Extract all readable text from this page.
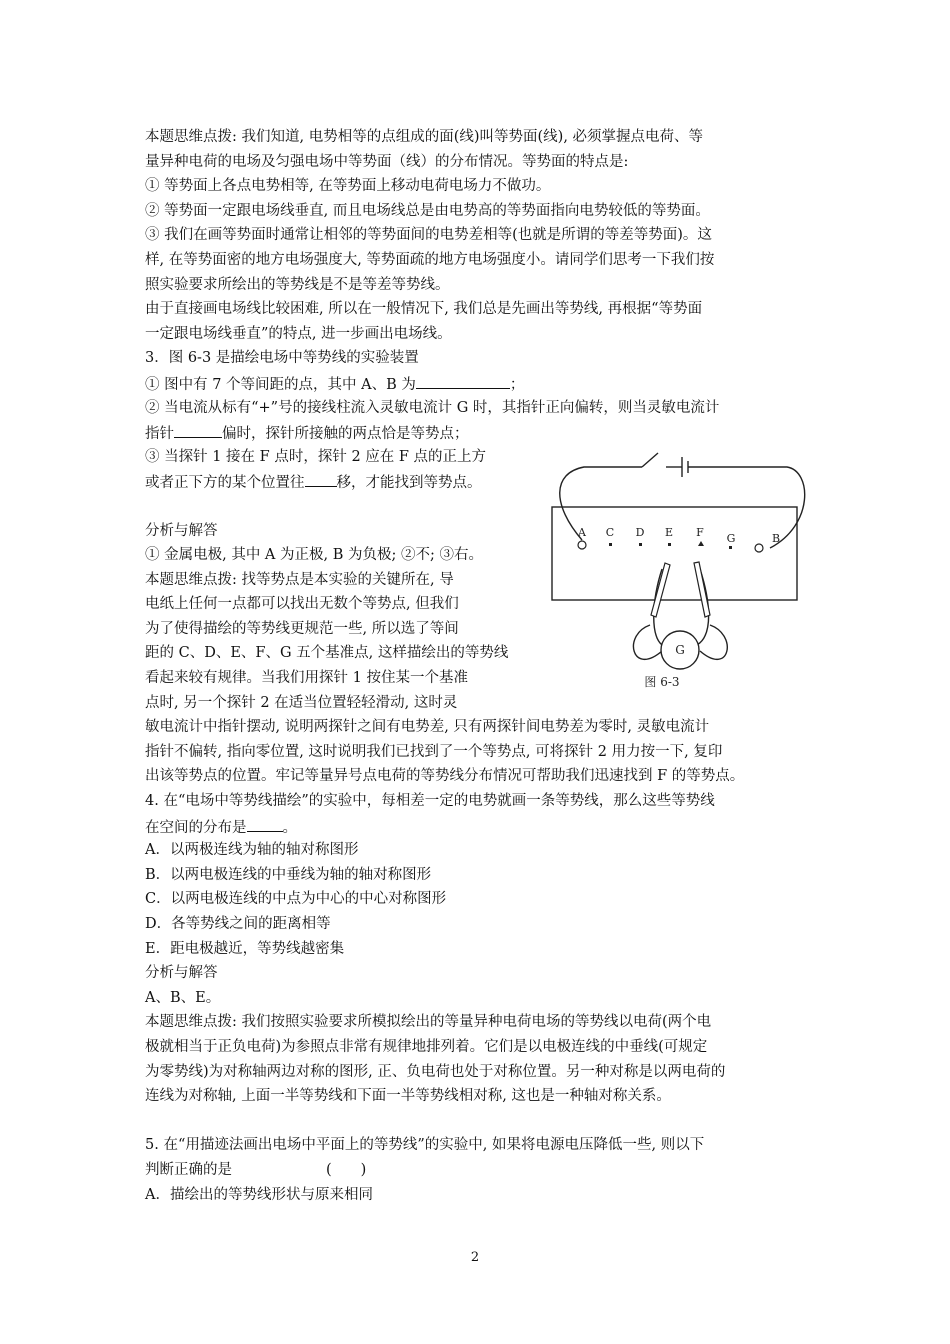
本题思维点拨: 我们知道, 电势相等的点组成的面(线)叫等势面(线), 必须掌握点电荷、等
量异种电荷的电场及匀强电场中等势面（线）的分布情况。等势面的特点是:
① 等势面上各点电势相等, 在等势面上移动电荷电场力不做功。
② 等势面一定跟电场线垂直, 而且电场线总是由电势高的等势面指向电势较低的等势面。
③ 我们在画等势面时通常让相邻的等势面间的电势差相等(也就是所谓的等差等势面)。这
样, 在等势面密的地方电场强度大, 等势面疏的地方电场强度小。请同学们思考一下我们按
照实验要求所绘出的等势线是不是等差等势线。
由于直接画电场线比较困难, 所以在一般情况下, 我们总是先画出等势线, 再根据“等势面
一定跟电场线垂直”的特点, 进一步画出电场线。
3．图 6-3 是描绘电场中等势线的实验装置
① 图中有 7 个等间距的点，其中 A、B 为	；
② 当电流从标有“+”号的接线柱流入灵敏电流计 G 时，其指针正向偏转，则当灵敏电流计
指针	偏时，探针所接触的两点恰是等势点；
③ 当探针 1 接在 F 点时，探针 2 应在 F 点的正上方
或者正下方的某个位置往 移，才能找到等势点。
分析与解答
① 金属电极, 其中 A 为正极, B 为负极; ②不; ③右。
本题思维点拨: 找等势点是本实验的关键所在, 导
电纸上任何一点都可以找出无数个等势点, 但我们
为了使得描绘的等势线更规范一些, 所以选了等间
距的 C、D、E、F、G 五个基准点, 这样描绘出的等势线
看起来较有规律。当我们用探针 1 按住某一个基准
点时, 另一个探针 2 在适当位置轻轻滑动, 这时灵
敏电流计中指针摆动, 说明两探针之间有电势差, 只有两探针间电势差为零时, 灵敏电流计
指针不偏转, 指向零位置, 这时说明我们已找到了一个等势点, 可将探针 2 用力按一下, 复印
出该等势点的位置。牢记等量异号点电荷的等势线分布情况可帮助我们迅速找到 F 的等势点。
4. 在“电场中等势线描绘”的实验中，每相差一定的电势就画一条等势线，那么这些等势线
在空间的分布是 。
A．以两极连线为轴的轴对称图形
B．以两电极连线的中垂线为轴的轴对称图形
C．以两电极连线的中点为中心的中心对称图形
D．各等势线之间的距离相等
E．距电极越近，等势线越密集
分析与解答
A、B、E。
本题思维点拨: 我们按照实验要求所模拟绘出的等量异种电荷电场的等势线以电荷(两个电
极就相当于正负电荷)为参照点非常有规律地排列着。它们是以电极连线的中垂线(可规定
为零势线)为对称轴两边对称的图形, 正、负电荷也处于对称位置。另一种对称是以两电荷的
连线为对称轴, 上面一半等势线和下面一半等势线相对称, 这也是一种轴对称关系。
5. 在“用描迹法画出电场中平面上的等势线”的实验中, 如果将电源电压降低一些, 则以下
判断正确的是	(　　)
A．描绘出的等势线形状与原来相同
A C D E F G	B
G
图 6-3
2
